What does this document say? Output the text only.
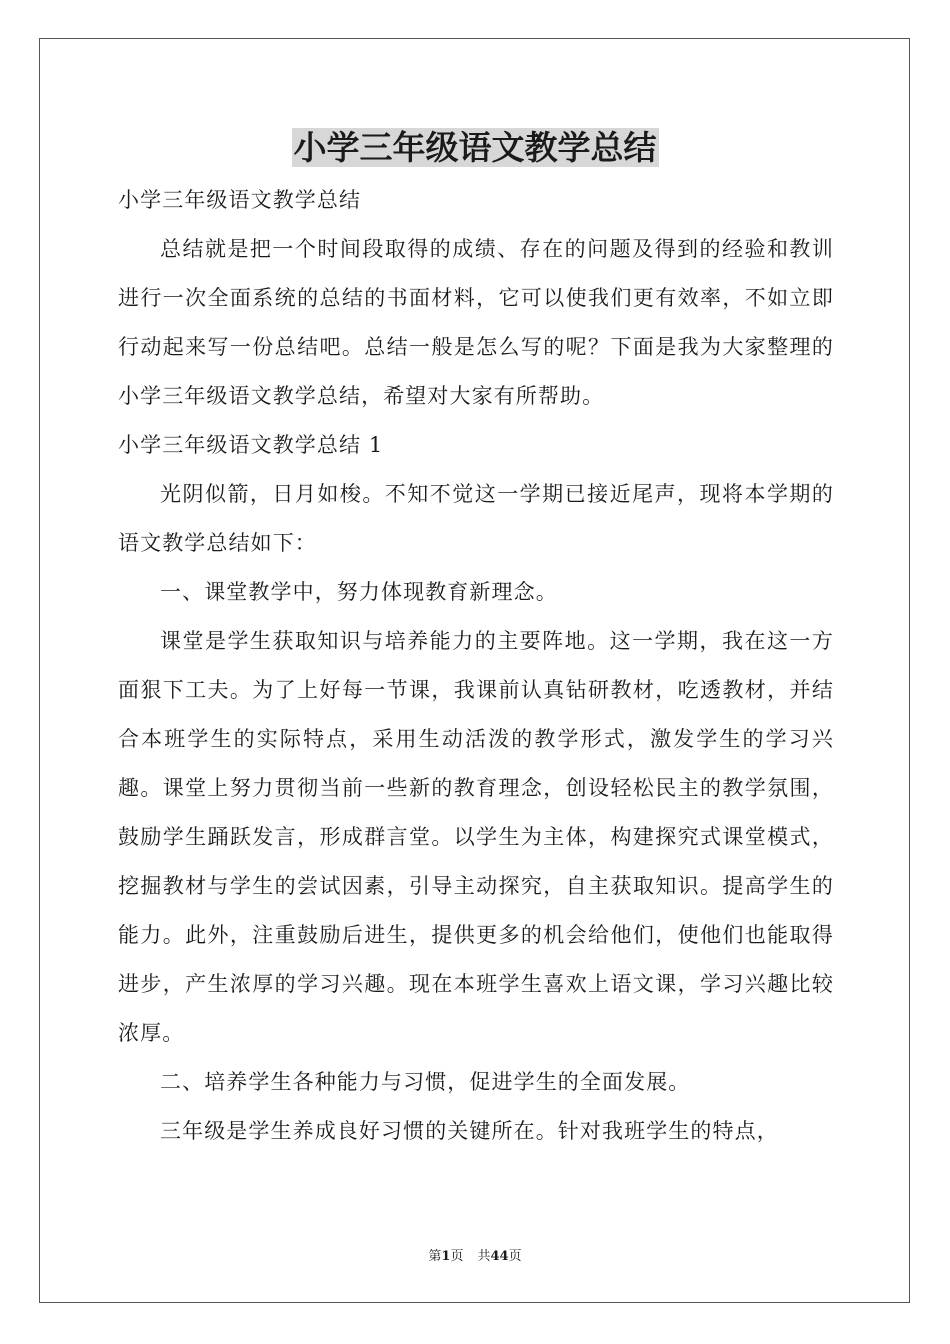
小学三年级语文教学总结

小学三年级语文教学总结

总结就是把一个时间段取得的成绩、存在的问题及得到的经验和教训进行一次全面系统的总结的书面材料，它可以使我们更有效率，不如立即行动起来写一份总结吧。总结一般是怎么写的呢？下面是我为大家整理的小学三年级语文教学总结，希望对大家有所帮助。

小学三年级语文教学总结 1

光阴似箭，日月如梭。不知不觉这一学期已接近尾声，现将本学期的语文教学总结如下：

一、课堂教学中，努力体现教育新理念。

课堂是学生获取知识与培养能力的主要阵地。这一学期，我在这一方面狠下工夫。为了上好每一节课，我课前认真钻研教材，吃透教材，并结合本班学生的实际特点，采用生动活泼的教学形式，激发学生的学习兴趣。课堂上努力贯彻当前一些新的教育理念，创设轻松民主的教学氛围，鼓励学生踊跃发言，形成群言堂。以学生为主体，构建探究式课堂模式，挖掘教材与学生的尝试因素，引导主动探究，自主获取知识。提高学生的能力。此外，注重鼓励后进生，提供更多的机会给他们，使他们也能取得进步，产生浓厚的学习兴趣。现在本班学生喜欢上语文课，学习兴趣比较浓厚。

二、培养学生各种能力与习惯，促进学生的全面发展。

三年级是学生养成良好习惯的关键所在。针对我班学生的特点，

第1页 共44页
